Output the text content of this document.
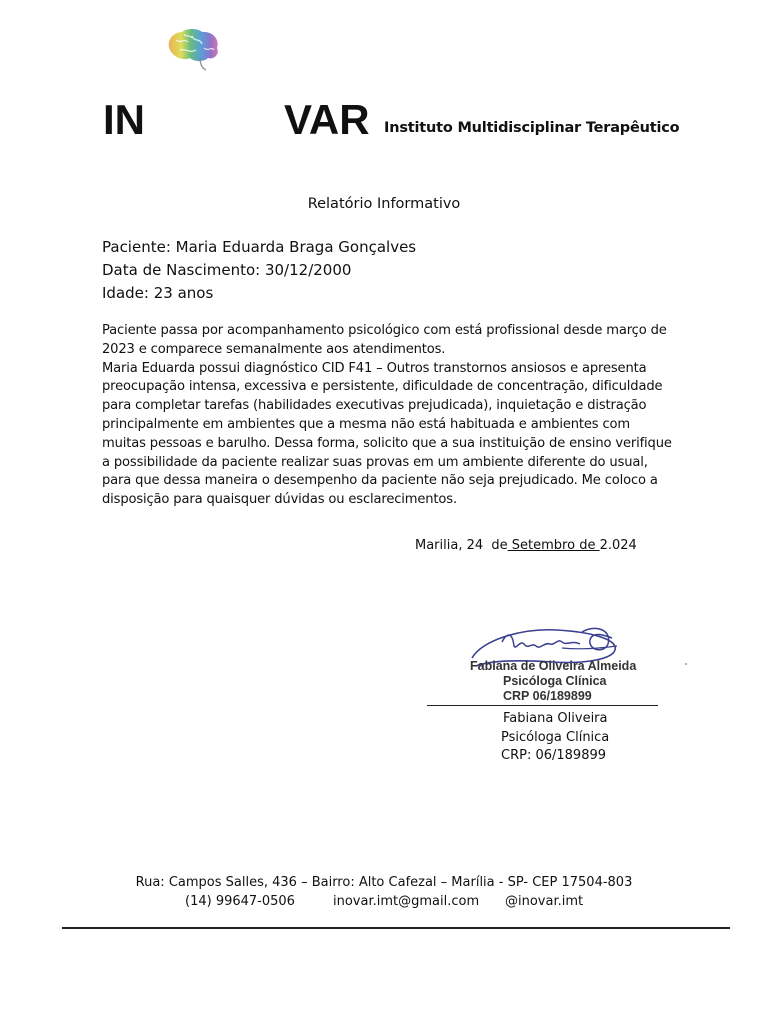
IN	VAR Instituto Multidisciplinar Terapêutico
Relatório Informativo
Paciente: Maria Eduarda Braga Gonçalves
Data de Nascimento: 30/12/2000
Idade: 23 anos

Paciente passa por acompanhamento psicológico com está profissional desde março de 2023 e comparece semanalmente aos atendimentos.

Maria Eduarda possui diagnóstico CID F41 – Outros transtornos ansiosos e apresenta preocupação intensa, excessiva e persistente, dificuldade de concentração, dificuldade para completar tarefas (habilidades executivas prejudicada), inquietação e distração principalmente em ambientes que a mesma não está habituada e ambientes com muitas pessoas e barulho. Dessa forma, solicito que a sua instituição de ensino verifique a possibilidade da paciente realizar suas provas em um ambiente diferente do usual, para que dessa maneira o desempenho da paciente não seja prejudicado. Me coloco a disposição para quaisquer dúvidas ou esclarecimentos.

Marilia, 24  de Setembro de 2.024
Fabiana de Oliveira Almeida
Psicóloga Clínica
CRP 06/189899
Fabiana Oliveira
Psicóloga Clínica
CRP: 06/189899
Rua: Campos Salles, 436 – Bairro: Alto Cafezal – Marília - SP- CEP 17504-803
(14) 99647-0506	inovar.imt@gmail.com @inovar.imt
